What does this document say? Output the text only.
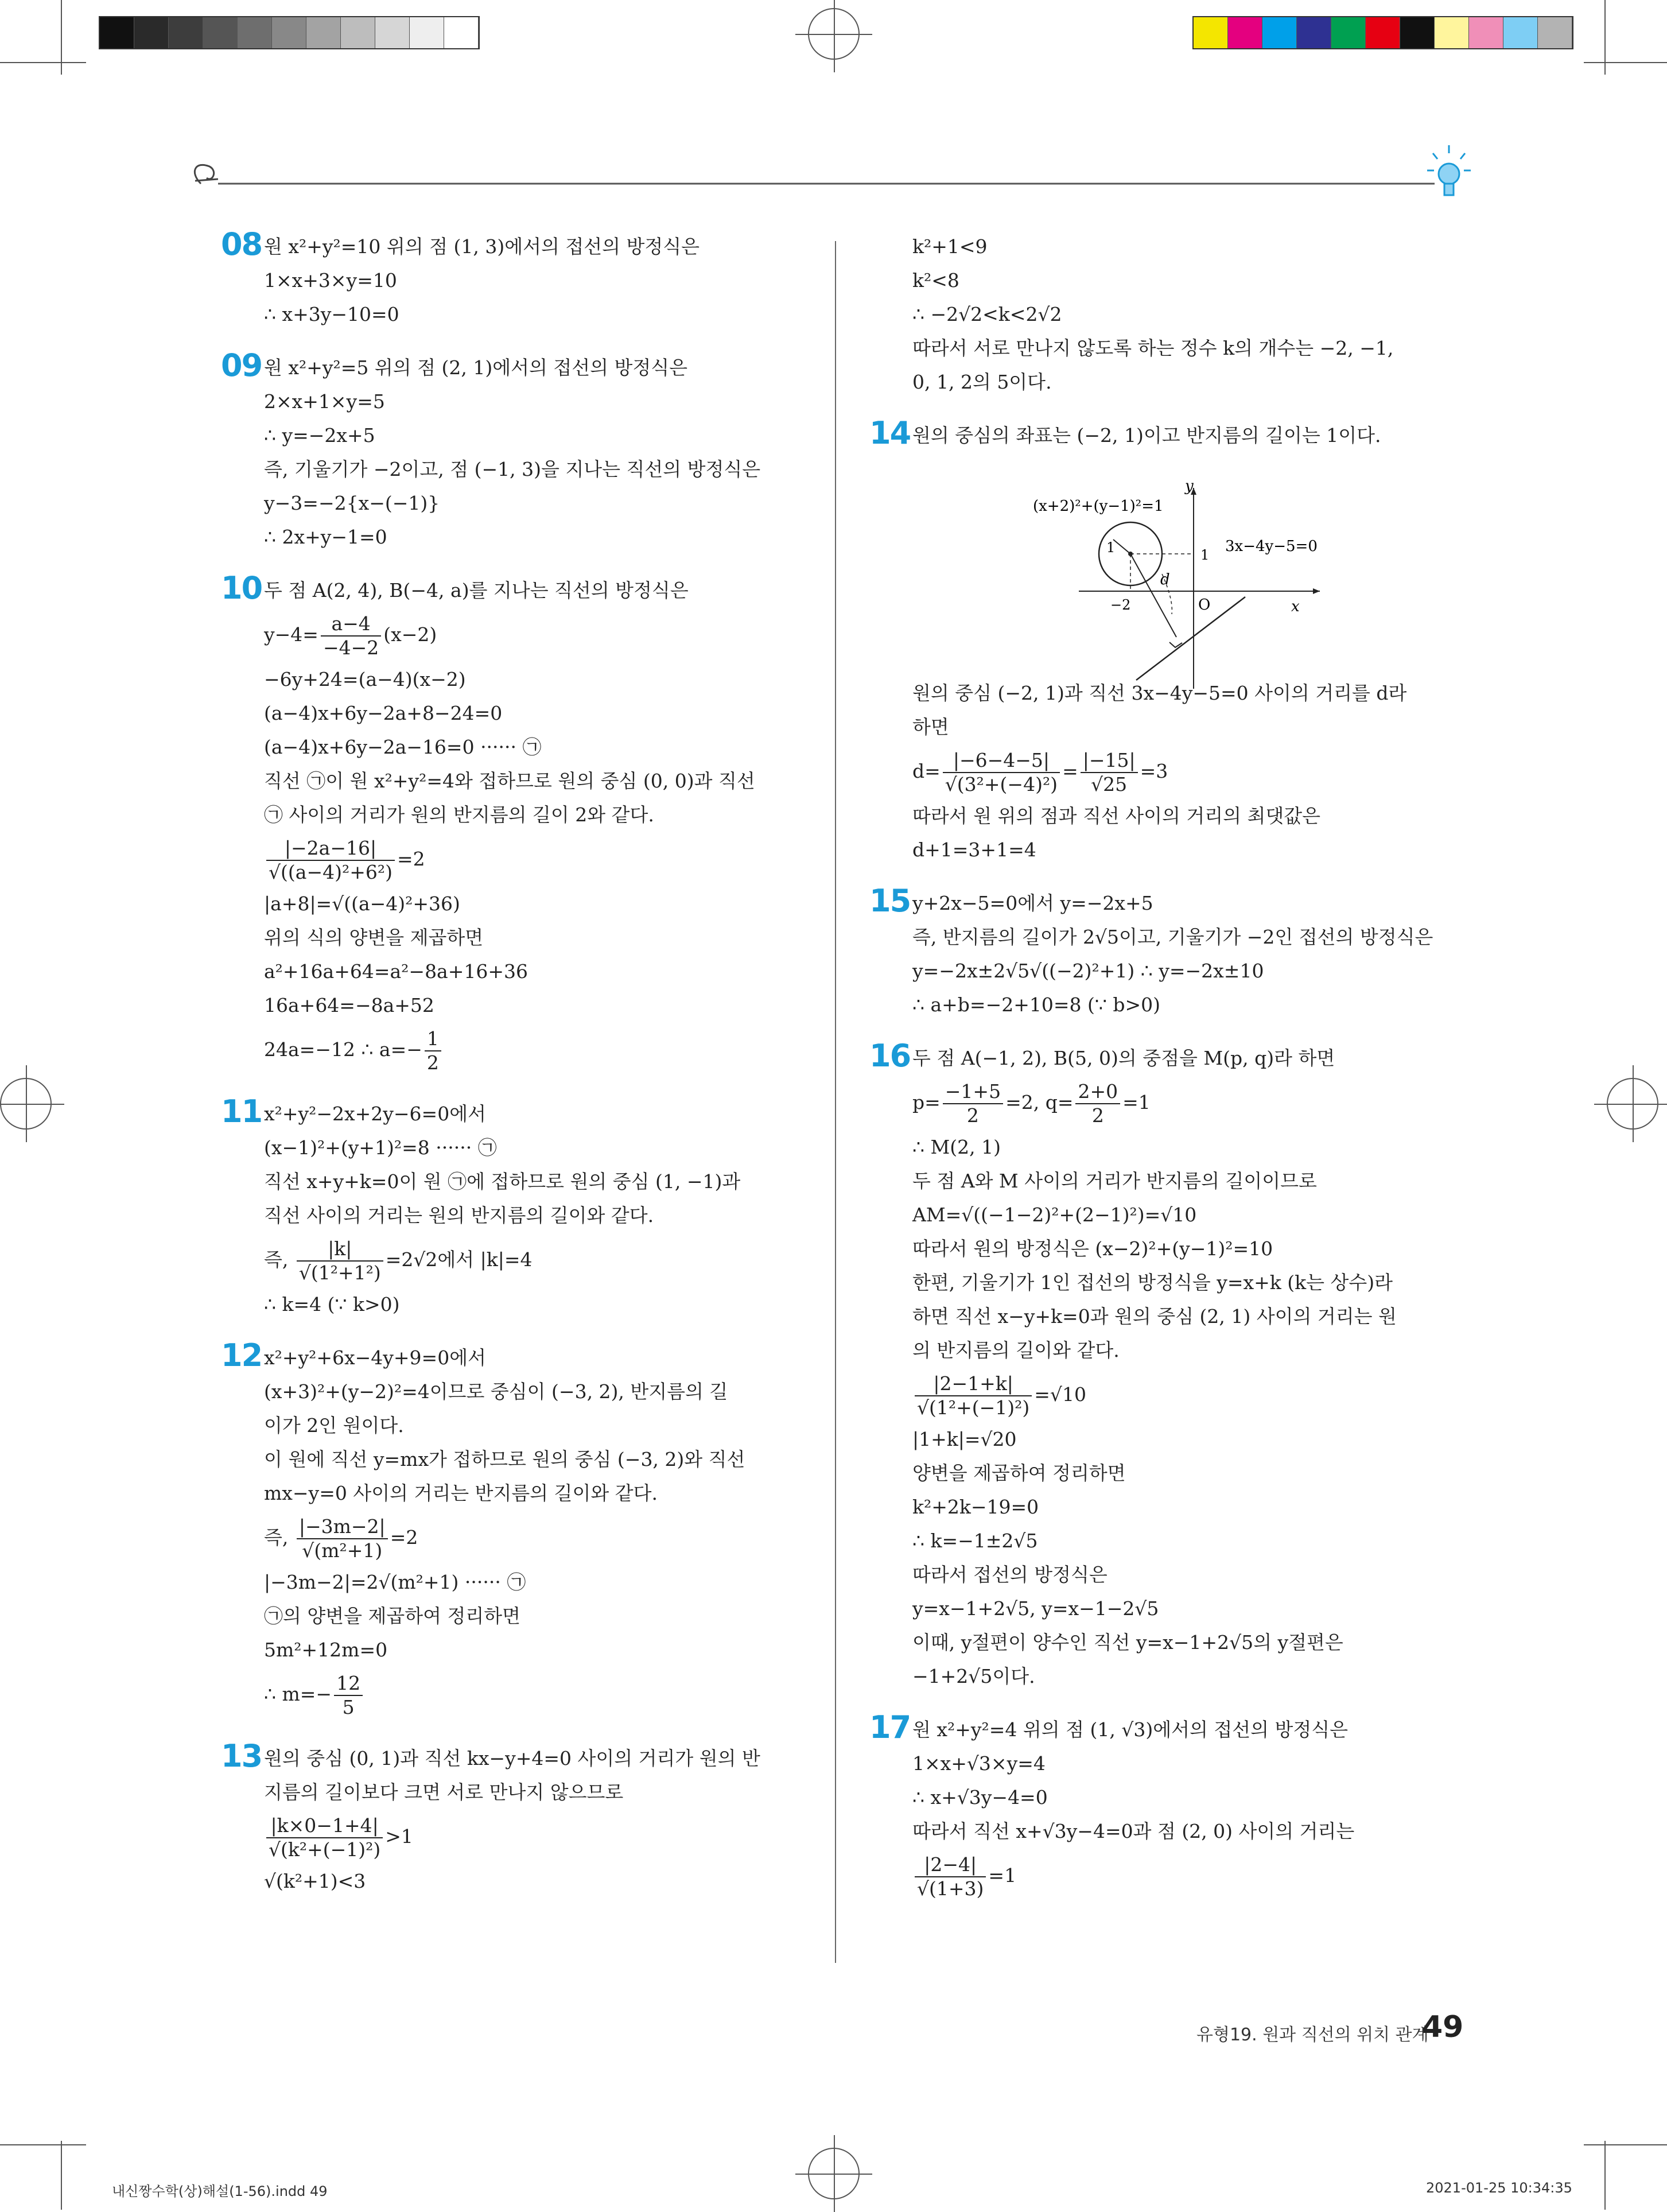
08 원 x²+y²=10 위의 점 (1, 3)에서의 접선의 방정식은
1×x+3×y=10
∴ x+3y−10=0
09 원 x²+y²=5 위의 점 (2, 1)에서의 접선의 방정식은
2×x+1×y=5
∴ y=−2x+5
즉, 기울기가 −2이고, 점 (−1, 3)을 지나는 직선의 방정식은
y−3=−2{x−(−1)}
∴ 2x+y−1=0
10 두 점 A(2, 4), B(−4, a)를 지나는 직선의 방정식은
$y-4= \frac{a-4}{-4-2} (x-2)$
−6y+24=(a−4)(x−2)
(a−4)x+6y−2a+8−24=0
(a−4)x+6y−2a−16=0 ······ ㉠
직선 ㉠이 원 x²+y²=4와 접하므로 원의 중심 (0, 0)과 직선
㉠ 사이의 거리가 원의 반지름의 길이 2와 같다.
$\frac{|-2a-16|}{\text{√((a−4)²+6²)}} =2$
|a+8|=√((a−4)²+36)
위의 식의 양변을 제곱하면
a²+16a+64=a²−8a+16+36
16a+64=−8a+52
24a=−12 ∴ $a=- \frac{1}{2}$
11 x²+y²−2x+2y−6=0에서
(x−1)²+(y+1)²=8 ······ ㉠
직선 x+y+k=0이 원 ㉠에 접하므로 원의 중심 (1, −1)과
직선 사이의 거리는 원의 반지름의 길이와 같다.
즉, $\frac{|k|}{\text{√(1²+1²)}} =2√2$에서 |k|=4
∴ k=4 (∵ k>0)
12 x²+y²+6x−4y+9=0에서
(x+3)²+(y−2)²=4이므로 중심이 (−3, 2), 반지름의 길
이가 2인 원이다.
이 원에 직선 y=mx가 접하므로 원의 중심 (−3, 2)와 직선
mx−y=0 사이의 거리는 반지름의 길이와 같다.
즉, $\frac{|-3m-2|}{\text{√(m²+1)}} =2$
|−3m−2|=2√(m²+1) ······ ㉠
㉠의 양변을 제곱하여 정리하면
5m²+12m=0
∴ $m=- \frac{12}{5}$
13 원의 중심 (0, 1)과 직선 kx−y+4=0 사이의 거리가 원의 반
지름의 길이보다 크면 서로 만나지 않으므로
$\frac{|k\times 0-1+4|}{\text{√(k²+(−1)²)}} >1$
√(k²+1)<3
k²+1<9
k²<8
∴ −2√2<k<2√2
따라서 서로 만나지 않도록 하는 정수 k의 개수는 −2, −1,
0, 1, 2의 5이다.
14 원의 중심의 좌표는 (−2, 1)이고 반지름의 길이는 1이다.
원의 중심 (−2, 1)과 직선 3x−4y−5=0 사이의 거리를 d라
하면
$d= \frac{|-6-4-5|}{\text{√(3²+(−4)²)}} = \frac{|-15|}{√25} =3$
따라서 원 위의 점과 직선 사이의 거리의 최댓값은
d+1=3+1=4
15 y+2x−5=0에서 y=−2x+5
즉, 반지름의 길이가 2√5이고, 기울기가 −2인 접선의 방정식은
y=−2x±2√5√((−2)²+1) ∴ y=−2x±10
∴ a+b=−2+10=8 (∵ b>0)
16 두 점 A(−1, 2), B(5, 0)의 중점을 M(p, q)라 하면
$p= \frac{-1+5}{2} =2$, $q= \frac{2+0}{2} =1$
∴ M(2, 1)
두 점 A와 M 사이의 거리가 반지름의 길이이므로
AM=√((−1−2)²+(2−1)²)=√10
따라서 원의 방정식은 (x−2)²+(y−1)²=10
한편, 기울기가 1인 접선의 방정식을 y=x+k (k는 상수)라
하면 직선 x−y+k=0과 원의 중심 (2, 1) 사이의 거리는 원
의 반지름의 길이와 같다.
$\frac{|2-1+k|}{\text{√(1²+(−1)²)}} =√10$
|1+k|=√20
양변을 제곱하여 정리하면
k²+2k−19=0
∴ k=−1±2√5
따라서 접선의 방정식은
y=x−1+2√5, y=x−1−2√5
이때, y절편이 양수인 직선 y=x−1+2√5의 y절편은
−1+2√5이다.
17 원 x²+y²=4 위의 점 (1, √3)에서의 접선의 방정식은
1×x+√3×y=4
∴ x+√3y−4=0
따라서 직선 x+√3y−4=0과 점 (2, 0) 사이의 거리는
$\frac{|2-4|}{√(1+3)} =1$
(x+2)²+(y−1)²=1
3x−4y−5=0
y
x
O
1
1
−2
d
유형19. 원과 직선의 위치 관계
49
내신짱수학(상)해설(1-56).indd 49	2021-01-25 10:34:35
